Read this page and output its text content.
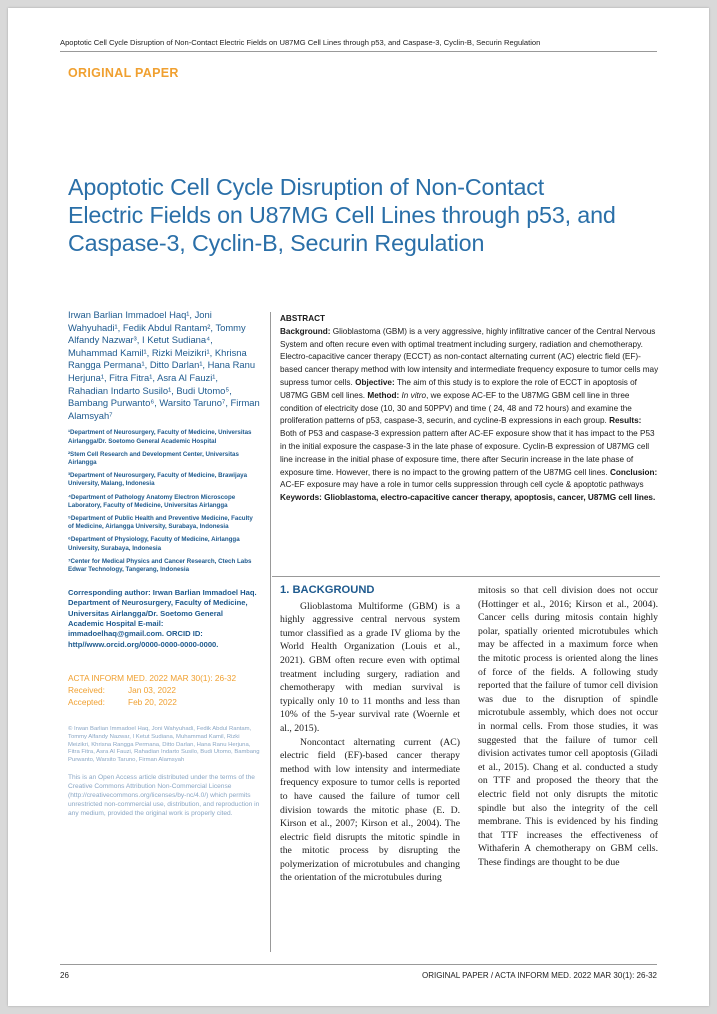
Apoptotic Cell Cycle Disruption of Non-Contact Electric Fields on U87MG Cell Lines through p53, and Caspase-3, Cyclin-B, Securin Regulation
ORIGINAL PAPER
Apoptotic Cell Cycle Disruption of Non-Contact
Electric Fields on U87MG Cell Lines through p53, and
Caspase-3, Cyclin-B, Securin Regulation
Irwan Barlian Immadoel Haq¹, Joni Wahyuhadi¹, Fedik Abdul Rantam², Tommy Alfandy Nazwar³, I Ketut Sudiana⁴, Muhammad Kamil¹, Rizki Meizikri¹, Khrisna Rangga Permana¹, Ditto Darlan¹, Hana Ranu Herjuna¹, Fitra Fitra¹, Asra Al Fauzi¹, Rahadian Indarto Susilo¹, Budi Utomo⁵, Bambang Purwanto⁶, Warsito Taruno⁷, Firman Alamsyah⁷
¹Department of Neurosurgery, Faculty of Medicine, Universitas Airlangga/Dr. Soetomo General Academic Hospital
²Stem Cell Research and Development Center, Universitas Airlangga
³Department of Neurosurgery, Faculty of Medicine, Brawijaya University, Malang, Indonesia
⁴Department of Pathology Anatomy Electron Microscope Laboratory, Faculty of Medicine, Universitas Airlangga
⁵Department of Public Health and Preventive Medicine, Faculty of Medicine, Airlangga University, Surabaya, Indonesia
⁶Department of Physiology, Faculty of Medicine, Airlangga University, Surabaya, Indonesia
⁷Center for Medical Physics and Cancer Research, Ctech Labs Edwar Technology, Tangerang, Indonesia
Corresponding author: Irwan Barlian Immadoel Haq. Department of Neurosurgery, Faculty of Medicine, Universitas Airlangga/Dr. Soetomo General Academic Hospital E-mail: immadoelhaq@gmail.com. ORCID ID: http//www.orcid.org/0000-0000-0000-0000.
ACTA INFORM MED. 2022 MAR 30(1): 26-32
Received:	Jan 03, 2022
Accepted:	Feb 20, 2022
© Irwan Barlian Immadoel Haq, Joni Wahyuhadi, Fedik Abdul Rantam, Tommy Alfandy Nazwar, I Ketut Sudiana, Muhammad Kamil, Rizki Meizikri, Khrisna Rangga Permana, Ditto Darlan, Hana Ranu Herjuna, Fitra Fitra, Asra Al Fauzi, Rahadian Indarto Susilo, Budi Utomo, Bambang Purwanto, Warsito Taruno, Firman Alamsyah
This is an Open Access article distributed under the terms of the Creative Commons Attribution Non-Commercial License (http://creativecommons.org/licenses/by-nc/4.0/) which permits unrestricted non-commercial use, distribution, and reproduction in any medium, provided the original work is properly cited.
ABSTRACT
Background: Glioblastoma (GBM) is a very aggressive, highly infiltrative cancer of the Central Nervous System and often recure even with optimal treatment including surgery, radiation and chemotherapy. Electro-capacitive cancer therapy (ECCT) as non-contact alternating current (AC) electric field (EF)-based cancer therapy method with low intensity and intermediate frequency exposure to tumor cells may supress tumor cells. Objective: The aim of this study is to explore the role of ECCT in apoptosis of U87MG GBM cell lines. Method: In vitro, we expose AC-EF to the U87MG GBM cell line in three condition of electricity dose (10, 30 and 50PPV) and time ( 24, 48 and 72 hours) and examine the proliferation patterns of p53, caspase-3, securin, and cycline-B expressions in each group. Results: Both of P53 and caspase-3 expression pattern after AC-EF exposure show that it has impact to the P53 in the initial exposure the caspase-3 in the late phase of exposure. Cyclin-B expression of U87MG cell line increase in the initial phase of exposure time, there after Securin increase in the late phase of exposure time. However, there is no impact to the growing pattern of the U87MG cell lines. Conclusion: AC-EF exposure may have a role in tumor cells suppression through cell cycle & apoptotic pathways
Keywords: Glioblastoma, electro-capacitive cancer therapy, apoptosis, cancer, U87MG cell lines.
1. BACKGROUND
Glioblastoma Multiforme (GBM) is a highly aggressive central nervous system tumor classified as a grade IV glioma by the World Health Organization (Louis et al., 2021). GBM often recure even with optimal treatment including surgery, radiation and chemotherapy with median survival is typically only 10 to 11 months and less than 10% of the 5-year survival rate (Woernle et al., 2015).
Noncontact alternating current (AC) electric field (EF)-based cancer therapy method with low intensity and intermediate frequency exposure to tumor cells is reported to have caused the failure of tumor cell division towards the mitotic phase (E. D. Kirson et al., 2007; Kirson et al., 2004). The electric field disrupts the mitotic spindle in the mitotic process by disrupting the polymerization of microtubules and changing the orientation of the microtubules during
mitosis so that cell division does not occur (Hottinger et al., 2016; Kirson et al., 2004). Cancer cells during mitosis contain highly polar, spatially oriented microtubules which may be affected in a maximum force when the mitotic process is oriented along the lines of force of the fields. A following study reported that the failure of tumor cell division was due to the disruption of spindle microtubule assembly, which does not occur in normal cells. From those studies, it was suggested that the failure of tumor cell division activates tumor cell apoptosis (Giladi et al., 2015). Chang et al. conducted a study on TTF and proposed the theory that the electric field not only disrupts the mitotic spindle but also the integrity of the cell membrane. This is evidenced by his finding that TTF increases the effectiveness of Withaferin A chemotherapy on GBM cells. These findings are thought to be due
26	ORIGINAL PAPER / ACTA INFORM MED. 2022 MAR 30(1): 26-32
